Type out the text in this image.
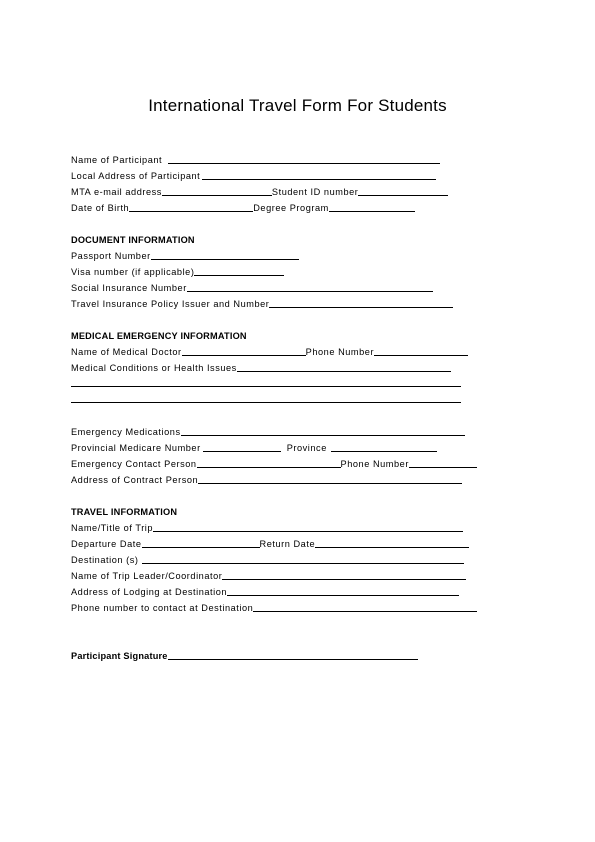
International Travel Form For Students
Name of Participant
Local Address of Participant
MTA e-mail address	Student ID number
Date of Birth	Degree Program
DOCUMENT INFORMATION
Passport Number
Visa number (if applicable)
Social Insurance Number
Travel Insurance Policy Issuer and Number
MEDICAL EMERGENCY INFORMATION
Name of Medical Doctor	Phone Number
Medical Conditions or Health Issues
Emergency Medications
Provincial Medicare Number	Province
Emergency Contact Person	Phone Number
Address of Contract Person
TRAVEL INFORMATION
Name/Title of Trip
Departure Date	Return Date
Destination (s)
Name of Trip Leader/Coordinator
Address of Lodging at Destination
Phone number to contact at Destination
Participant Signature
